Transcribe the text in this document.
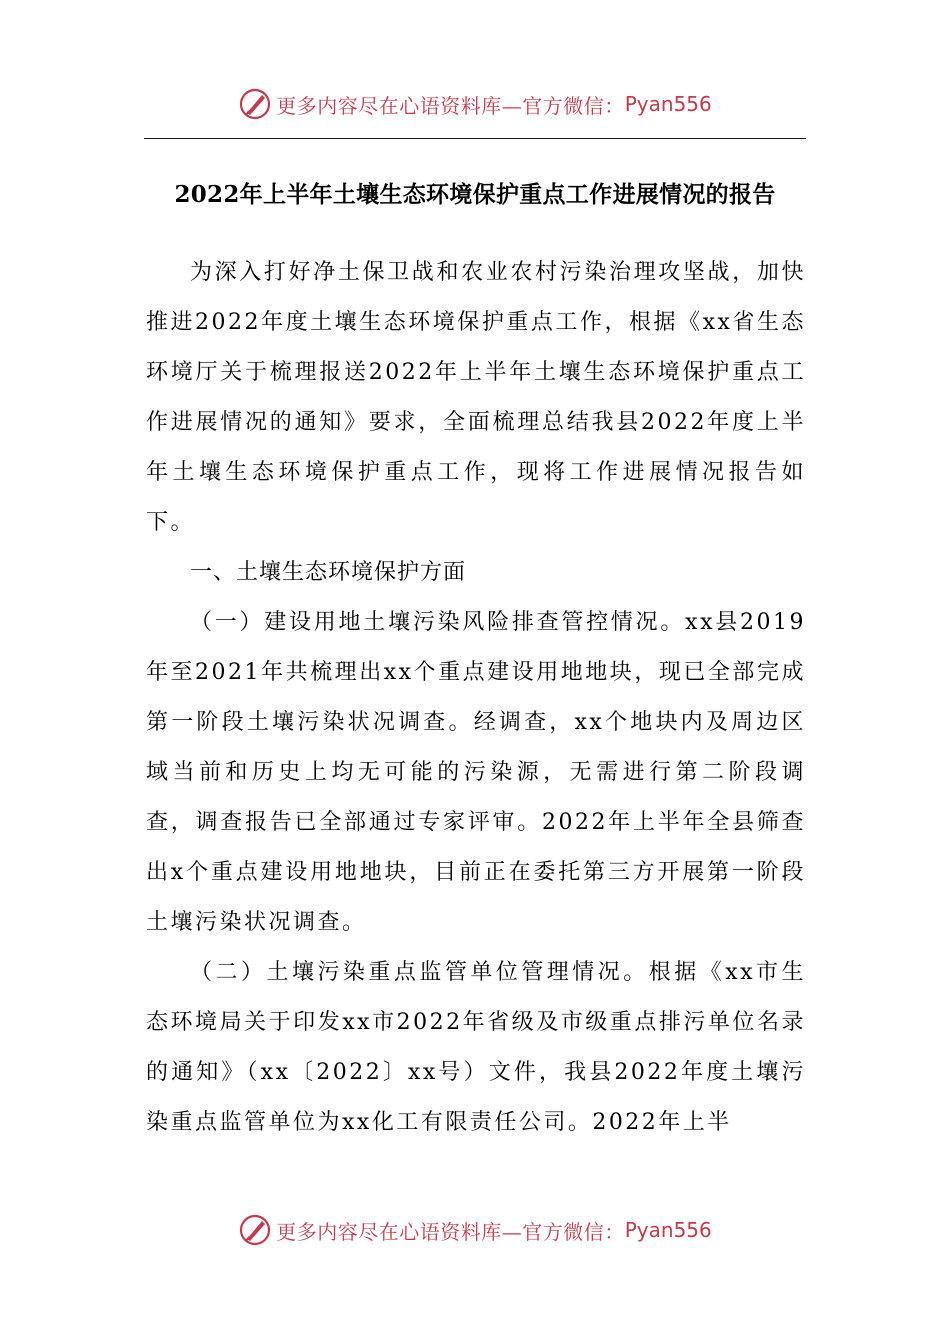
更多内容尽在心语资料库—官方微信： Pyan556
2022年上半年土壤生态环境保护重点工作进展情况的报告

为深入打好净土保卫战和农业农村污染治理攻坚战，加快推进2022年度土壤生态环境保护重点工作，根据《xx省生态环境厅关于梳理报送2022年上半年土壤生态环境保护重点工作进展情况的通知》要求，全面梳理总结我县2022年度上半年土壤生态环境保护重点工作，现将工作进展情况报告如下。

一、土壤生态环境保护方面

（一）建设用地土壤污染风险排查管控情况。xx县2019年至2021年共梳理出xx个重点建设用地地块，现已全部完成第一阶段土壤污染状况调查。经调查，xx个地块内及周边区域当前和历史上均无可能的污染源，无需进行第二阶段调查，调查报告已全部通过专家评审。2022年上半年全县筛查出x个重点建设用地地块，目前正在委托第三方开展第一阶段土壤污染状况调查。

（二）土壤污染重点监管单位管理情况。根据《xx市生态环境局关于印发xx市2022年省级及市级重点排污单位名录的通知》（xx〔2022〕xx号）文件，我县2022年度土壤污染重点监管单位为xx化工有限责任公司。2022年上半

更多内容尽在心语资料库—官方微信： Pyan556
